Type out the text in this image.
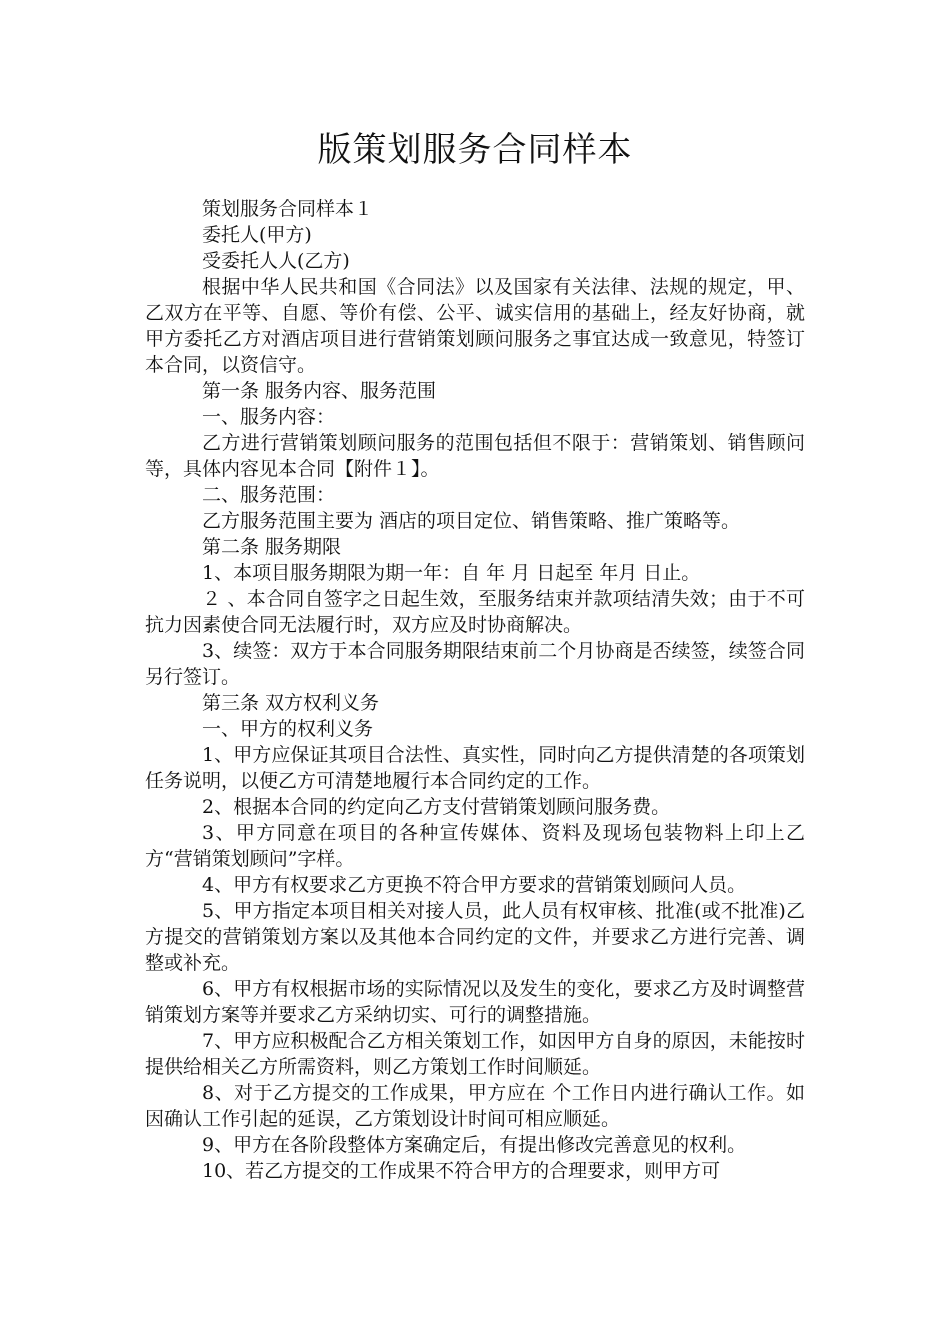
版策划服务合同样本

策划服务合同样本１

委托人(甲方)

受委托人人(乙方)

根据中华人民共和国《合同法》以及国家有关法律、法规的规定，甲、乙双方在平等、自愿、等价有偿、公平、诚实信用的基础上，经友好协商，就甲方委托乙方对酒店项目进行营销策划顾问服务之事宜达成一致意见，特签订本合同，以资信守。

第一条 服务内容、服务范围

一、服务内容：

乙方进行营销策划顾问服务的范围包括但不限于：营销策划、销售顾问等，具体内容见本合同【附件１】。

二、服务范围：

乙方服务范围主要为 酒店的项目定位、销售策略、推广策略等。

第二条 服务期限

1、本项目服务期限为期一年：自 年 月 日起至 年月 日止。

２ 、本合同自签字之日起生效，至服务结束并款项结清失效；由于不可抗力因素使合同无法履行时，双方应及时协商解决。

3、续签：双方于本合同服务期限结束前二个月协商是否续签，续签合同另行签订。

第三条 双方权利义务

一、甲方的权利义务

1、甲方应保证其项目合法性、真实性，同时向乙方提供清楚的各项策划任务说明，以便乙方可清楚地履行本合同约定的工作。

2、根据本合同的约定向乙方支付营销策划顾问服务费。

3、甲方同意在项目的各种宣传媒体、资料及现场包装物料上印上乙方“营销策划顾问”字样。

4、甲方有权要求乙方更换不符合甲方要求的营销策划顾问人员。

5、甲方指定本项目相关对接人员，此人员有权审核、批准(或不批准)乙方提交的营销策划方案以及其他本合同约定的文件，并要求乙方进行完善、调整或补充。

6、甲方有权根据市场的实际情况以及发生的变化，要求乙方及时调整营销策划方案等并要求乙方采纳切实、可行的调整措施。

7、甲方应积极配合乙方相关策划工作，如因甲方自身的原因，未能按时提供给相关乙方所需资料，则乙方策划工作时间顺延。

8、对于乙方提交的工作成果，甲方应在 个工作日内进行确认工作。如因确认工作引起的延误，乙方策划设计时间可相应顺延。

9、甲方在各阶段整体方案确定后，有提出修改完善意见的权利。

10、若乙方提交的工作成果不符合甲方的合理要求，则甲方可
